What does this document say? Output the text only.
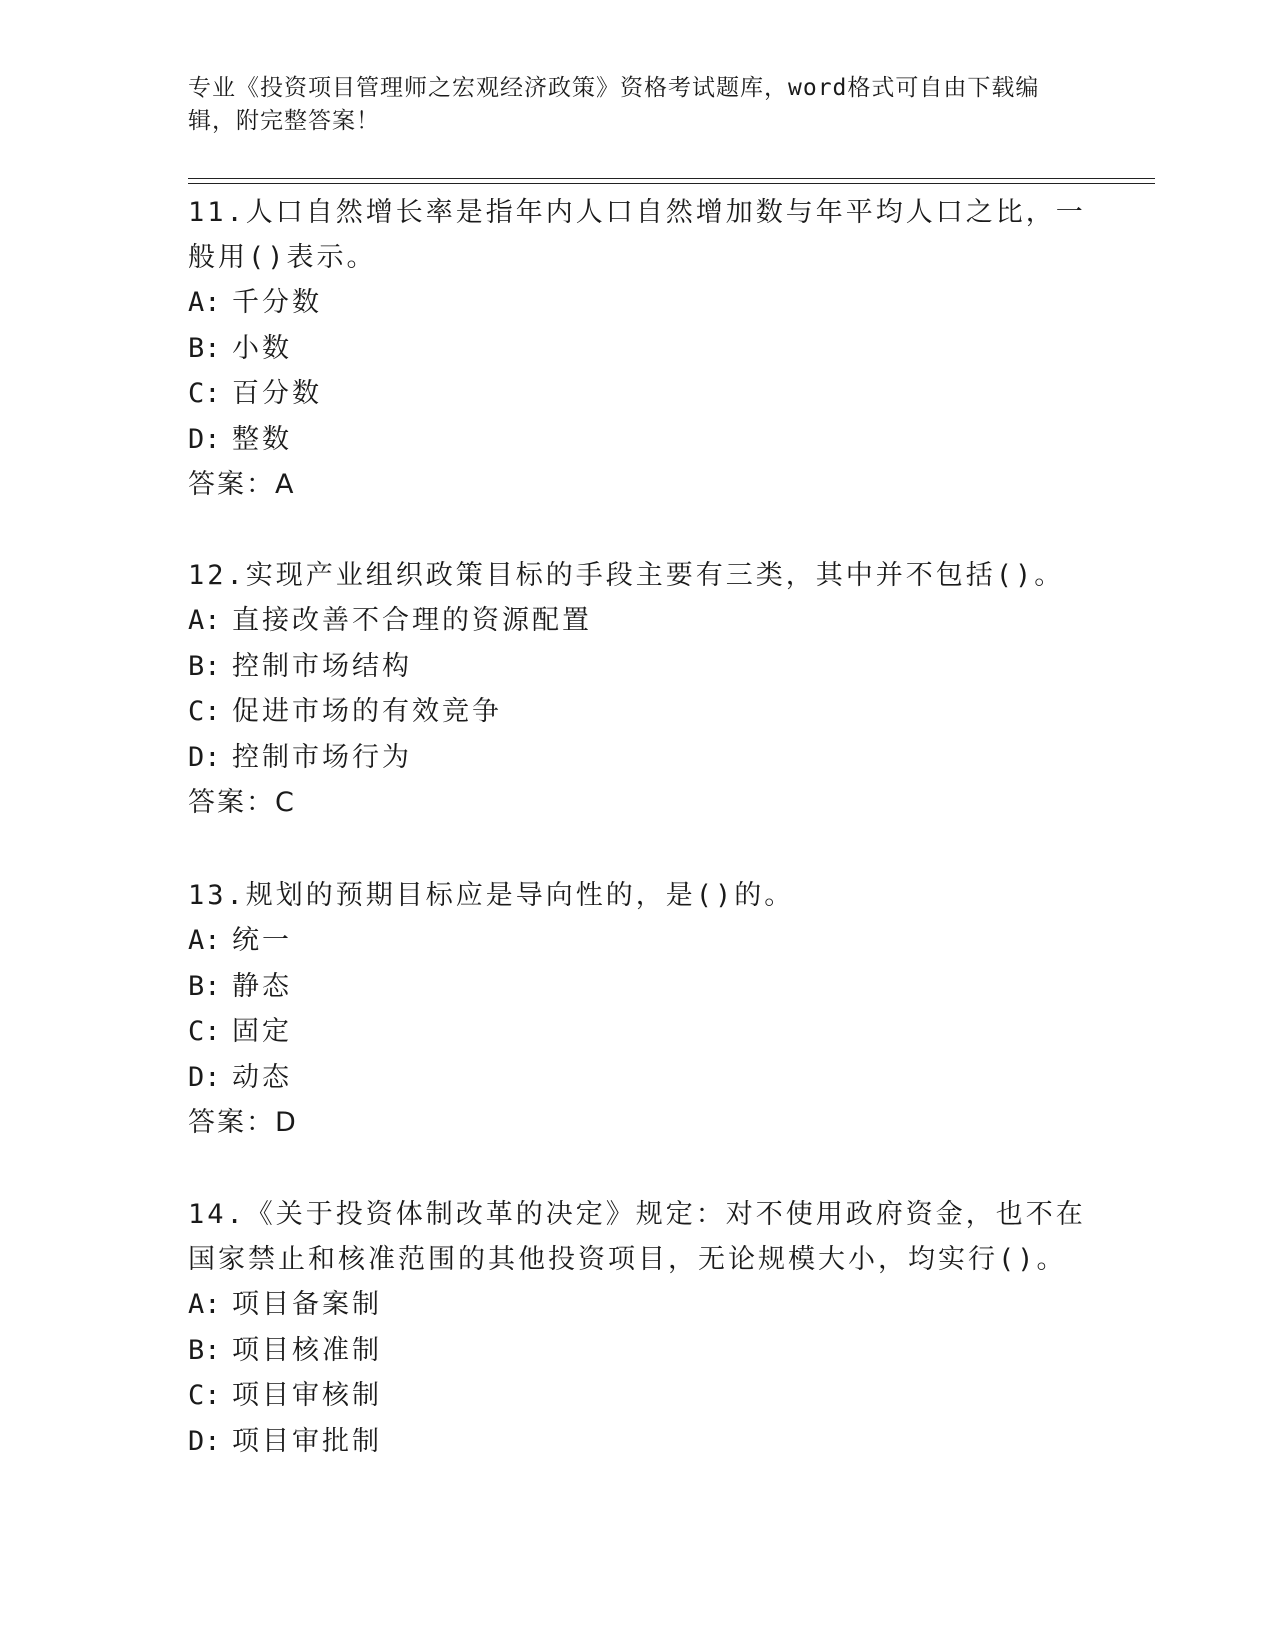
专业《投资项目管理师之宏观经济政策》资格考试题库，word格式可自由下载编辑，附完整答案！

11.人口自然增长率是指年内人口自然增加数与年平均人口之比，一般用()表示。

A: 千分数
B: 小数
C: 百分数
D: 整数
答案：A

12.实现产业组织政策目标的手段主要有三类，其中并不包括()。

A: 直接改善不合理的资源配置
B: 控制市场结构
C: 促进市场的有效竞争
D: 控制市场行为
答案：C

13.规划的预期目标应是导向性的，是()的。

A: 统一
B: 静态
C: 固定
D: 动态
答案：D

14.《关于投资体制改革的决定》规定：对不使用政府资金，也不在国家禁止和核准范围的其他投资项目，无论规模大小，均实行()。

A: 项目备案制
B: 项目核准制
C: 项目审核制
D: 项目审批制
